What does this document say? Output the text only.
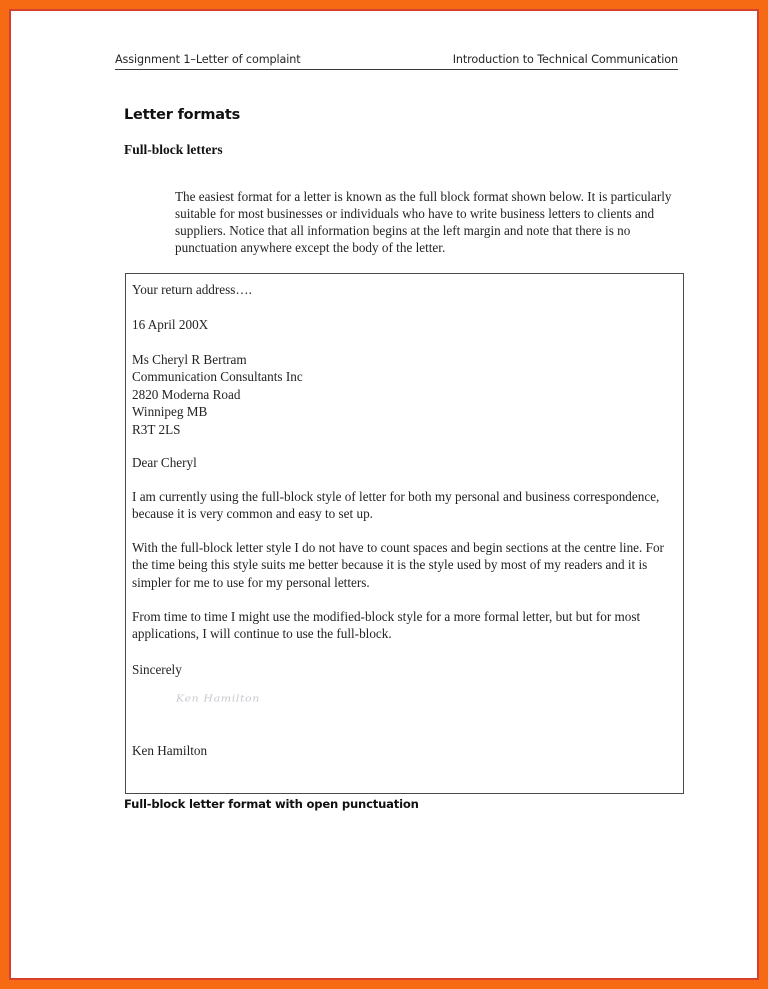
Assignment 1–Letter of complaint	Introduction to Technical Communication
Letter formats
Full-block letters

The easiest format for a letter is known as the full block format shown below. It is particularly suitable for most businesses or individuals who have to write business letters to clients and suppliers. Notice that all information begins at the left margin and note that there is no punctuation anywhere except the body of the letter.

Your return address….
16 April 200X
Ms Cheryl R Bertram
Communication Consultants Inc
2820 Moderna Road
Winnipeg MB
R3T 2LS
Dear Cheryl
I am currently using the full-block style of letter for both my personal and business correspondence, because it is very common and easy to set up.
With the full-block letter style I do not have to count spaces and begin sections at the centre line. For the time being this style suits me better because it is the style used by most of my readers and it is simpler for me to use for my personal letters.
From time to time I might use the modified-block style for a more formal letter, but but for most applications, I will continue to use the full-block.
Sincerely
Ken Hamilton
Ken Hamilton
Full-block letter format with open punctuation
